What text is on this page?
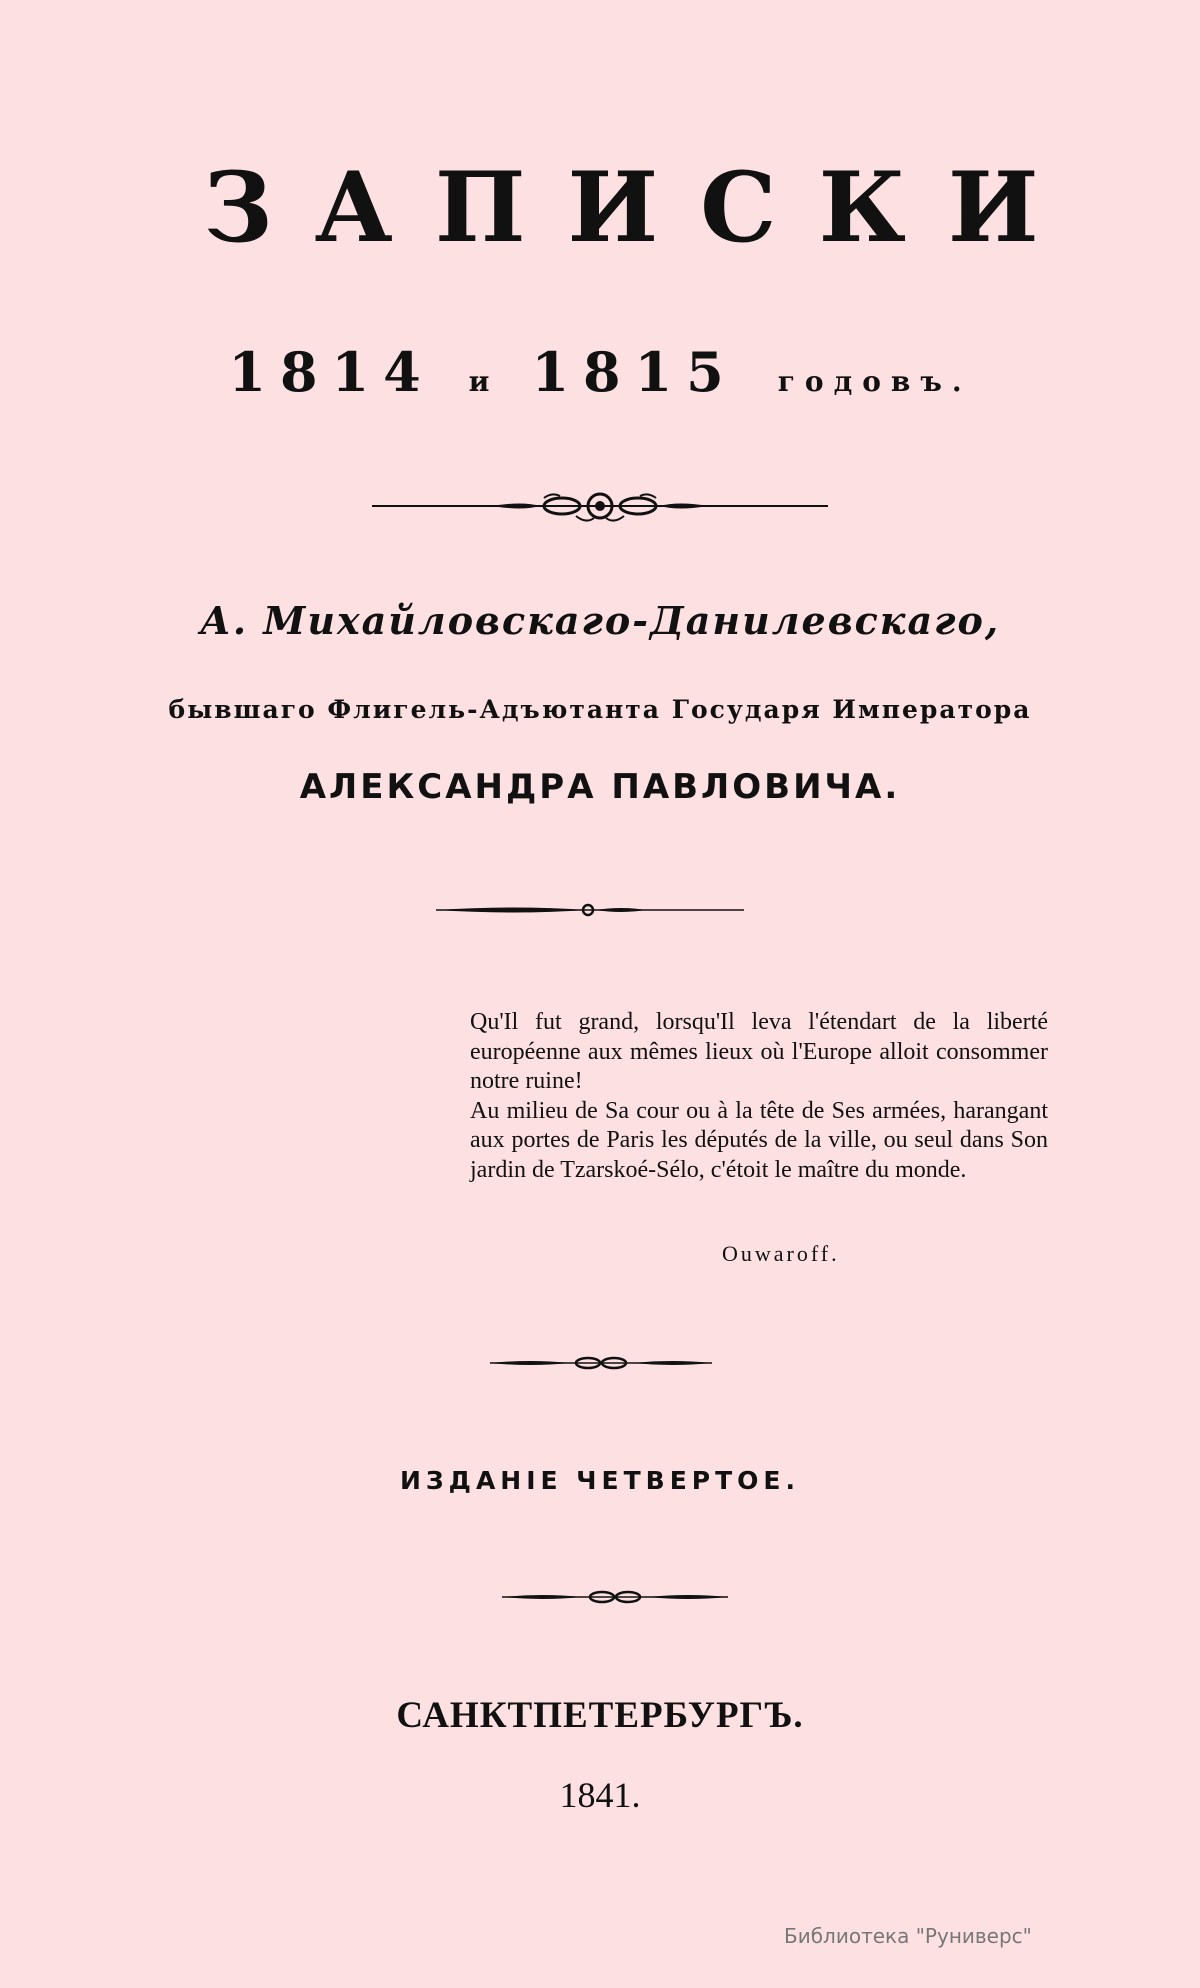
ЗАПИСКИ
1814 и 1815 годовъ.
А. Михайловскаго-Данилевскаго,
бывшаго Флигель-Адъютанта Государя Императора
АЛЕКСАНДРА ПАВЛОВИЧА.

Qu'Il fut grand, lorsqu'Il leva l'étendart de la liberté européenne aux mêmes lieux où l'Europe alloit consommer notre ruine!

Au milieu de Sa cour ou à la tête de Ses armées, harangant aux portes de Paris les députés de la ville, ou seul dans Son jardin de Tzarskoé-Sélo, c'étoit le maître du monde.

Ouwaroff.
ИЗДАНІЕ ЧЕТВЕРТОЕ.
САНКТПЕТЕРБУРГЪ.
1841.
Библиотека "Руниверс"
